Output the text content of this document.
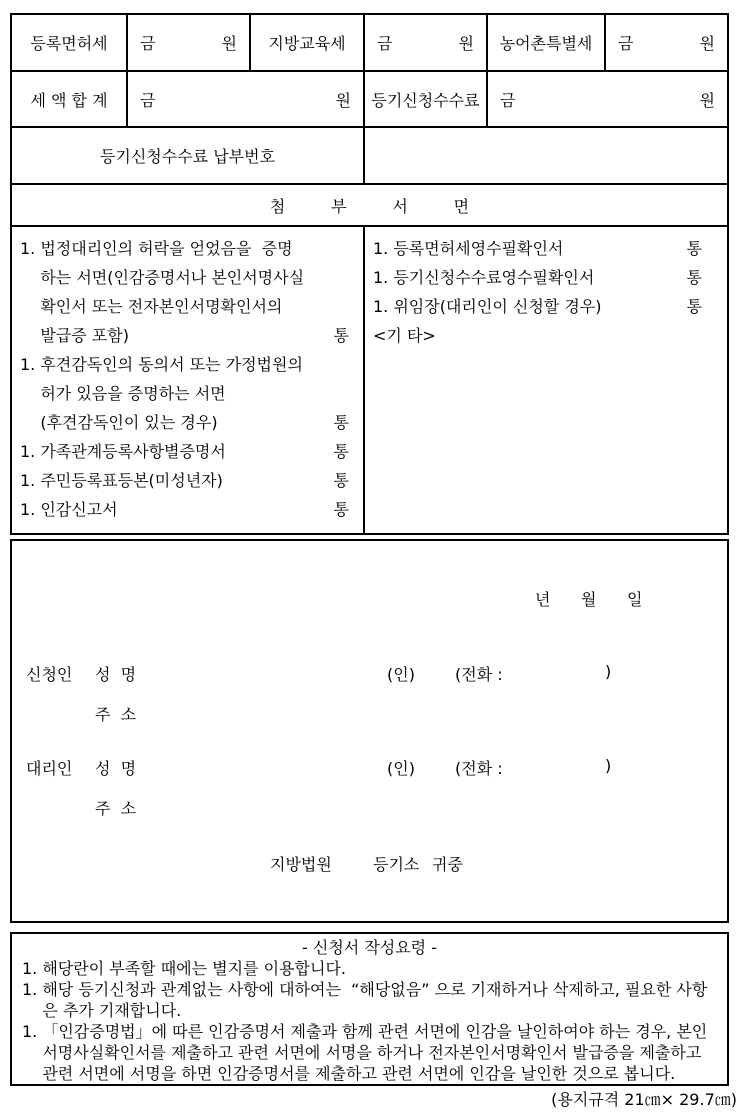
등록면허세 금	원 지방교육세 금	원 농어촌특별세 금	원
세 액 합 계 금	원 등기신청수수료 금	원
등기신청수수료 납부번호
첨         부         서         면
1. 법정대리인의 허락을 얻었음을  증명
하는 서면(인감증명서나 본인서명사실
확인서 또는 전자본인서명확인서의
발급증 포함)	통
1. 후견감독인의 동의서 또는 가정법원의
허가 있음을 증명하는 서면
(후견감독인이 있는 경우)	통
1. 가족관계등록사항별증명서	통
1. 주민등록표등본(미성년자)	통
1. 인감신고서	통
1. 등록면허세영수필확인서	통
1. 등기신청수수료영수필확인서	통
1. 위임장(대리인이 신청할 경우)	통
<기 타>
년      월      일
신청인 성  명	(인)	(전화 :	)
주  소
대리인 성  명	(인)	(전화 :	)
주  소
지방법원	등기소 귀중
- 신청서 작성요령 -
1. 해당란이 부족할 때에는 별지를 이용합니다.
1. 해당 등기신청과 관계없는 사항에 대하여는  “해당없음” 으로 기재하거나 삭제하고, 필요한 사항
은 추가 기재합니다.
1. 「인감증명법」에 따른 인감증명서 제출과 함께 관련 서면에 인감을 날인하여야 하는 경우, 본인
서명사실확인서를 제출하고 관련 서면에 서명을 하거나 전자본인서명확인서 발급증을 제출하고
관련 서면에 서명을 하면 인감증명서를 제출하고 관련 서면에 인감을 날인한 것으로 봅니다.
(용지규격 21㎝× 29.7㎝)
